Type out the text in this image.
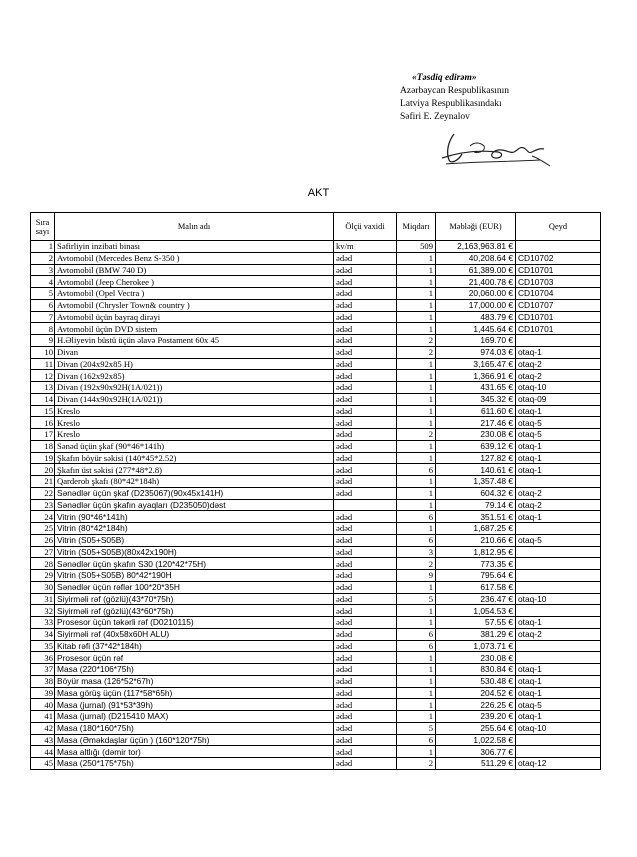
«Təsdiq edirəm»
Azərbaycan Respublikasının
Latviya Respublikasındakı
Səfiri E. Zeynalov
AKT
Sıra sayı	Malın adı	Ölçü vaxidi	Miqdarı	Məbləği (EUR)	Qeyd
1	Səfirliyin inzibati binası	kv/m	509	2,163,963.81 €	
2	Avtomobil (Mercedes Benz S-350 )	ədəd	1	40,208.64 €	CD10702
3	Avtomobil (BMW 740 D)	ədəd	1	61,389.00 €	CD10701
4	Avtomobil (Jeep Cherokee )	ədəd	1	21,400.78 €	CD10703
5	Avtomobil (Opel Vectra )	ədəd	1	20,060.00 €	CD10704
6	Avtomobil (Chrysler Town& country )	ədəd	1	17,000.00 €	CD10707
7	Avtomobil üçün bayraq dirəyi	ədəd	1	483.79 €	CD10701
8	Avtomobil üçün DVD sistem	ədəd	1	1,445.64 €	CD10701
9	H.Əliyevin büstü üçün əlavə Postament 60x 45	ədəd	2	169.70 €	
10	Divan	ədəd	2	974.03 €	otaq-1
11	Divan (204x92x85 H)	ədəd	1	3,165.47 €	otaq-2
12	Divan (162x92x85)	ədəd	1	1,366.91 €	otaq-2
13	Divan (192x90x92H(1A/021))	ədəd	1	431.65 €	otaq-10
14	Divan (144x90x92H(1A/021))	ədəd	1	345.32 €	otaq-09
15	Kreslo	ədəd	1	611.60 €	otaq-1
16	Kreslo	ədəd	1	217.46 €	otaq-5
17	Kreslo	ədəd	2	230.08 €	otaq-5
18	Sənəd üçün şkaf (90*46*141h)	ədəd	1	639.12 €	otaq-1
19	Şkafın böyür səkisi (140*45*2.52)	ədəd	1	127.82 €	otaq-1
20	Şkafın üst səkisi (277*48*2.8)	ədəd	6	140.61 €	otaq-1
21	Qarderob şkafı (80*42*184h)	ədəd	1	1,357.48 €	
22	Sənədlər üçün şkaf (D235067)(90x45x141H)	ədəd	1	604.32 €	otaq-2
23	Sənədlər üçün şkafın ayaqları (D235050)dəst		1	79.14 €	otaq-2
24	Vitrin (90*46*141h)	ədəd	6	351.51 €	otaq-1
25	Vitrin (80*42*184h)	ədəd	1	1,687.25 €	
26	Vitrin (S05+S05B)	ədəd	6	210.66 €	otaq-5
27	Vitrin (S05+S05B)(80x42x190H)	ədəd	3	1,812.95 €	
28	Sənədlər üçün şkafın S30 (120*42*75H)	ədəd	2	773.35 €	
29	Vitrin (S05+S05B) 80*42*190H	ədəd	9	795.64 €	
30	Sənədlər üçün rəflər 100*20*35H	ədəd	1	617.58 €	
31	Siyirməli rəf (gözlü)(43*70*75h)	ədəd	5	236.47 €	otaq-10
32	Siyirməli rəf (gözlü)(43*60*75h)	ədəd	1	1,054.53 €	
33	Prosesor üçün təkərli rəf (D0210115)	ədəd	1	57.55 €	otaq-1
34	Siyirməli rəf (40x58x60H ALU)	ədəd	6	381.29 €	otaq-2
35	Kitab rəfi (37*42*184h)	ədəd	6	1,073.71 €	
36	Prosesor üçün rəf	ədəd	1	230.08 €	
37	Masa (220*106*75h)	ədəd	1	830.84 €	otaq-1
38	Böyür masa (126*52*67h)	ədəd	1	530.48 €	otaq-1
39	Masa görüş üçün (117*58*65h)	ədəd	1	204.52 €	otaq-1
40	Masa (jurnal) (91*53*39h)	ədəd	1	226.25 €	otaq-5
41	Masa (jurnal) (D215410 MAX)	ədəd	1	239.20 €	otaq-1
42	Masa (180*160*75h)	ədəd	5	255.64 €	otaq-10
43	Masa (Əməkdaşlar üçün ) (160*120*75h)	ədəd	6	1,022.58 €	
44	Masa altlığı (dəmir tor)	ədəd	1	306.77 €	
45	Masa (250*175*75h)	ədəd	2	511.29 €	otaq-12
